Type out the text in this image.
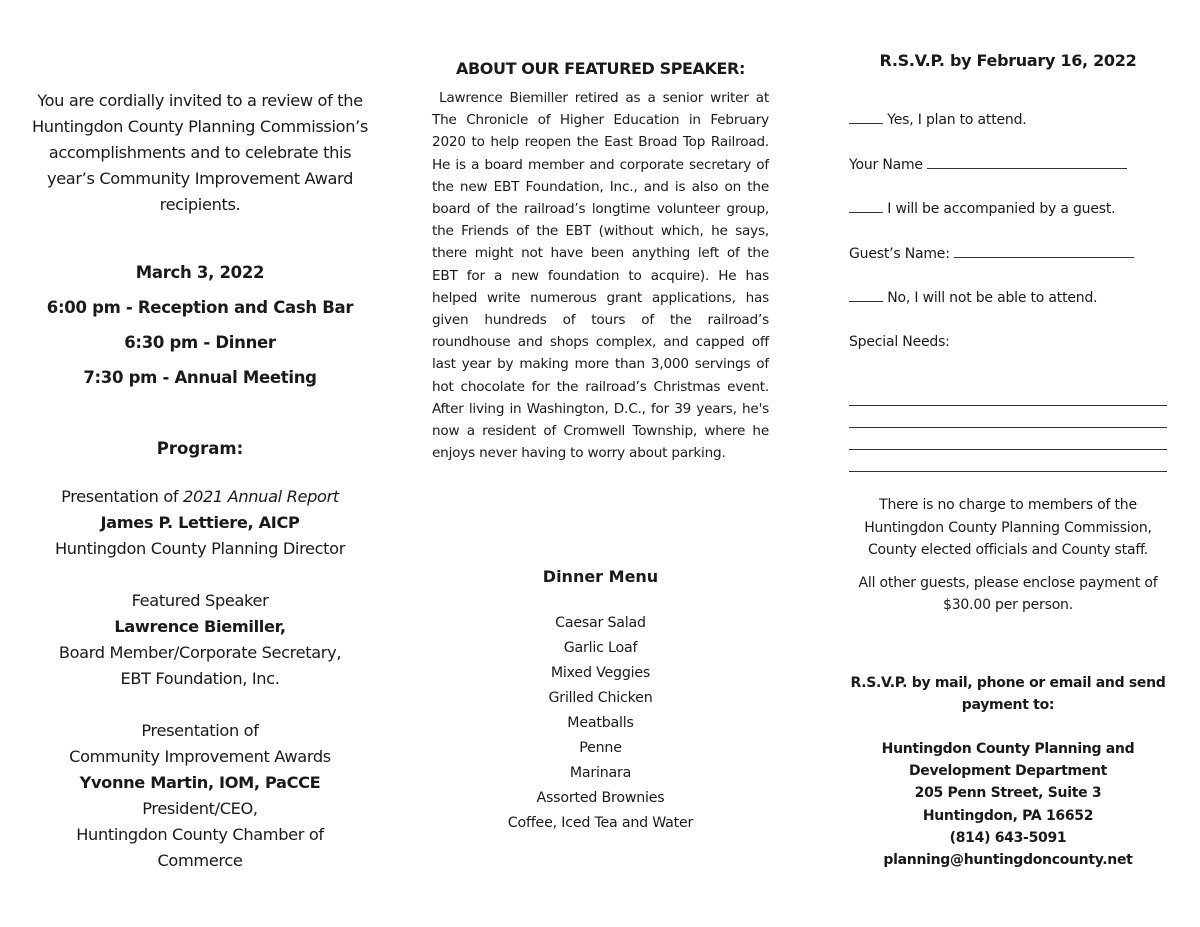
You are cordially invited to a review of the Huntingdon County Planning Commission’s accomplishments and to celebrate this year’s Community Improvement Award recipients.
March 3, 2022
6:00 pm - Reception and Cash Bar
6:30 pm - Dinner
7:30 pm - Annual Meeting
Program:
Presentation of 2021 Annual Report
James P. Lettiere, AICP
Huntingdon County Planning Director
Featured Speaker
Lawrence Biemiller,
Board Member/Corporate Secretary,
EBT Foundation, Inc.
Presentation of
Community Improvement Awards
Yvonne Martin, IOM, PaCCE
President/CEO,
Huntingdon County Chamber of
Commerce
ABOUT OUR FEATURED SPEAKER:
Lawrence Biemiller retired as a senior writer at The Chronicle of Higher Education in February 2020 to help reopen the East Broad Top Railroad. He is a board member and corporate secretary of the new EBT Foundation, Inc., and is also on the board of the railroad’s longtime volunteer group, the Friends of the EBT (without which, he says, there might not have been anything left of the EBT for a new foundation to acquire). He has helped write numerous grant applications, has given hundreds of tours of the railroad’s roundhouse and shops complex, and capped off last year by making more than 3,000 servings of hot chocolate for the railroad’s Christmas event. After living in Washington, D.C., for 39 years, he's now a resident of Cromwell Township, where he enjoys never having to worry about parking.
Dinner Menu
Caesar Salad
Garlic Loaf
Mixed Veggies
Grilled Chicken
Meatballs
Penne
Marinara
Assorted Brownies
Coffee, Iced Tea and Water
R.S.V.P. by February 16, 2022
Yes, I plan to attend.
Your Name
I will be accompanied by a guest.
Guest’s Name:
No, I will not be able to attend.
Special Needs:

There is no charge to members of the Huntingdon County Planning Commission, County elected officials and County staff.

All other guests, please enclose payment of $30.00 per person.

R.S.V.P. by mail, phone or email and send payment to:
Huntingdon County Planning and
Development Department
205 Penn Street, Suite 3
Huntingdon, PA 16652
(814) 643-5091
planning@huntingdoncounty.net
